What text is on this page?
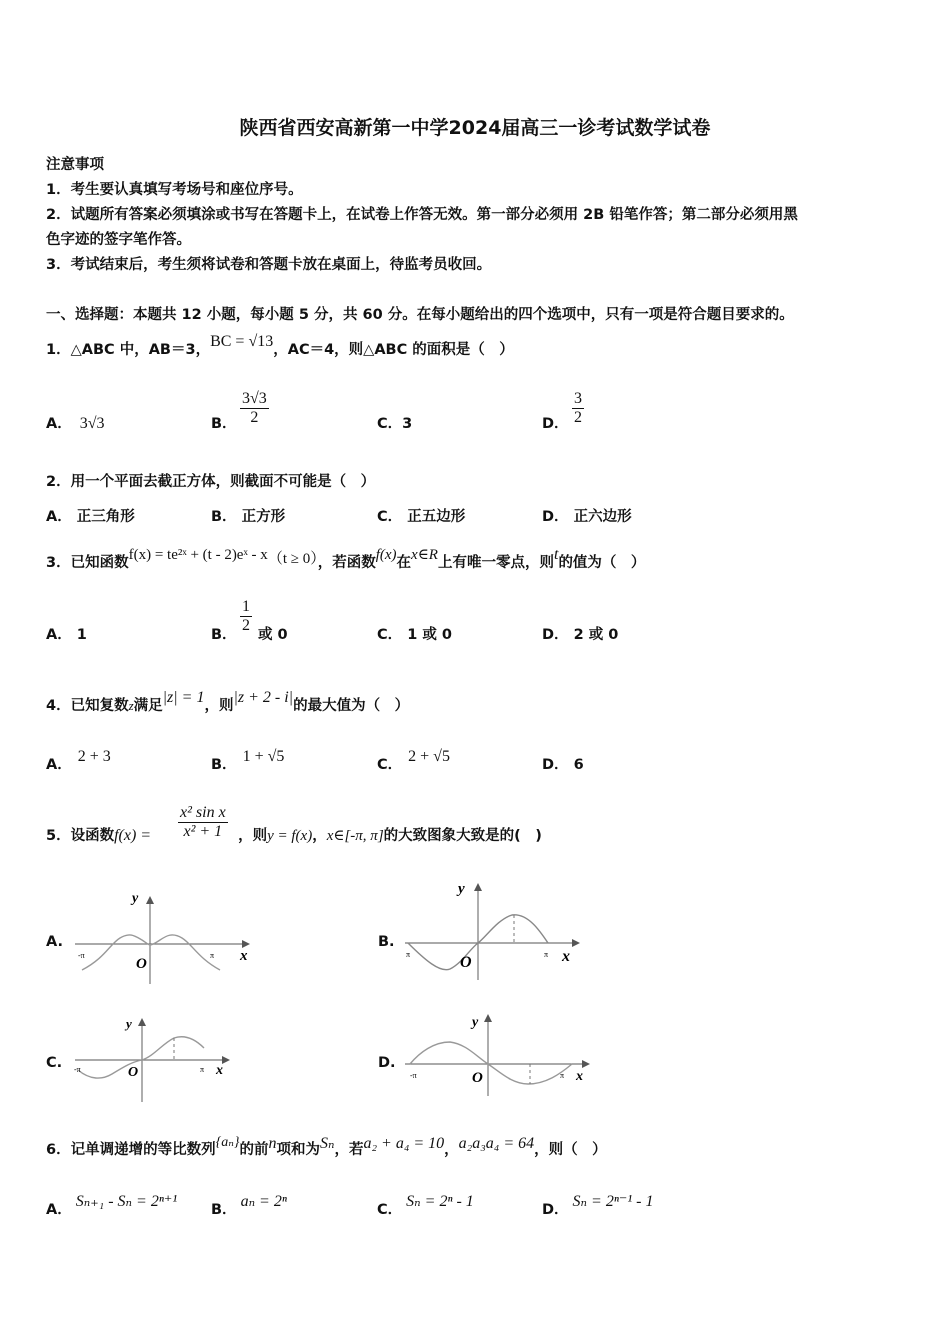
陕西省西安高新第一中学2024届高三一诊考试数学试卷
注意事项
1．考生要认真填写考场号和座位序号。
2．试题所有答案必须填涂或书写在答题卡上，在试卷上作答无效。第一部分必须用 2B 铅笔作答；第二部分必须用黑
色字迹的签字笔作答。
3．考试结束后，考生须将试卷和答题卡放在桌面上，待监考员收回。
一、选择题：本题共 12 小题，每小题 5 分，共 60 分。在每小题给出的四个选项中，只有一项是符合题目要求的。
1．△ABC 中，AB＝3，BC = √13，AC＝4，则△ABC 的面积是（　）
A． 3√3	B．
3√3
2	C．3	D．
3
2
2．用一个平面去截正方体，则截面不可能是（　）
A． 正三角形	B． 正方形	C． 正五边形	D． 正六边形
3．已知函数f(x) = te²ˣ + (t - 2)eˣ - x（t ≥ 0），若函数f(x)在x∈R上有唯一零点，则t的值为（　）
A． 1	B．
1
2
或 0	C． 1 或 0	D． 2 或 0
4．已知复数z满足|z| = 1，则|z + 2 - i|的最大值为（　）
A． 2 + 3	B． 1 + √5	C． 2 + √5	D． 6
5．设函数f(x) =	，则y = f(x)，x∈[-π, π]的大致图象大致是的(　)
x² sin x
x² + 1
A.
y
x
O
-π	π
B.
y
x
O
π	π
C.
y
x
O
-π	π	D.
y
x
O
-π	π
6．记单调递增的等比数列{aₙ}的前n项和为Sₙ，若a₂ + a₄ = 10，a₂a₃a₄ = 64，则（　）
A． Sₙ₊₁ - Sₙ = 2ⁿ⁺¹ B． aₙ = 2ⁿ	C． Sₙ = 2ⁿ - 1	D． Sₙ = 2ⁿ⁻¹ - 1
